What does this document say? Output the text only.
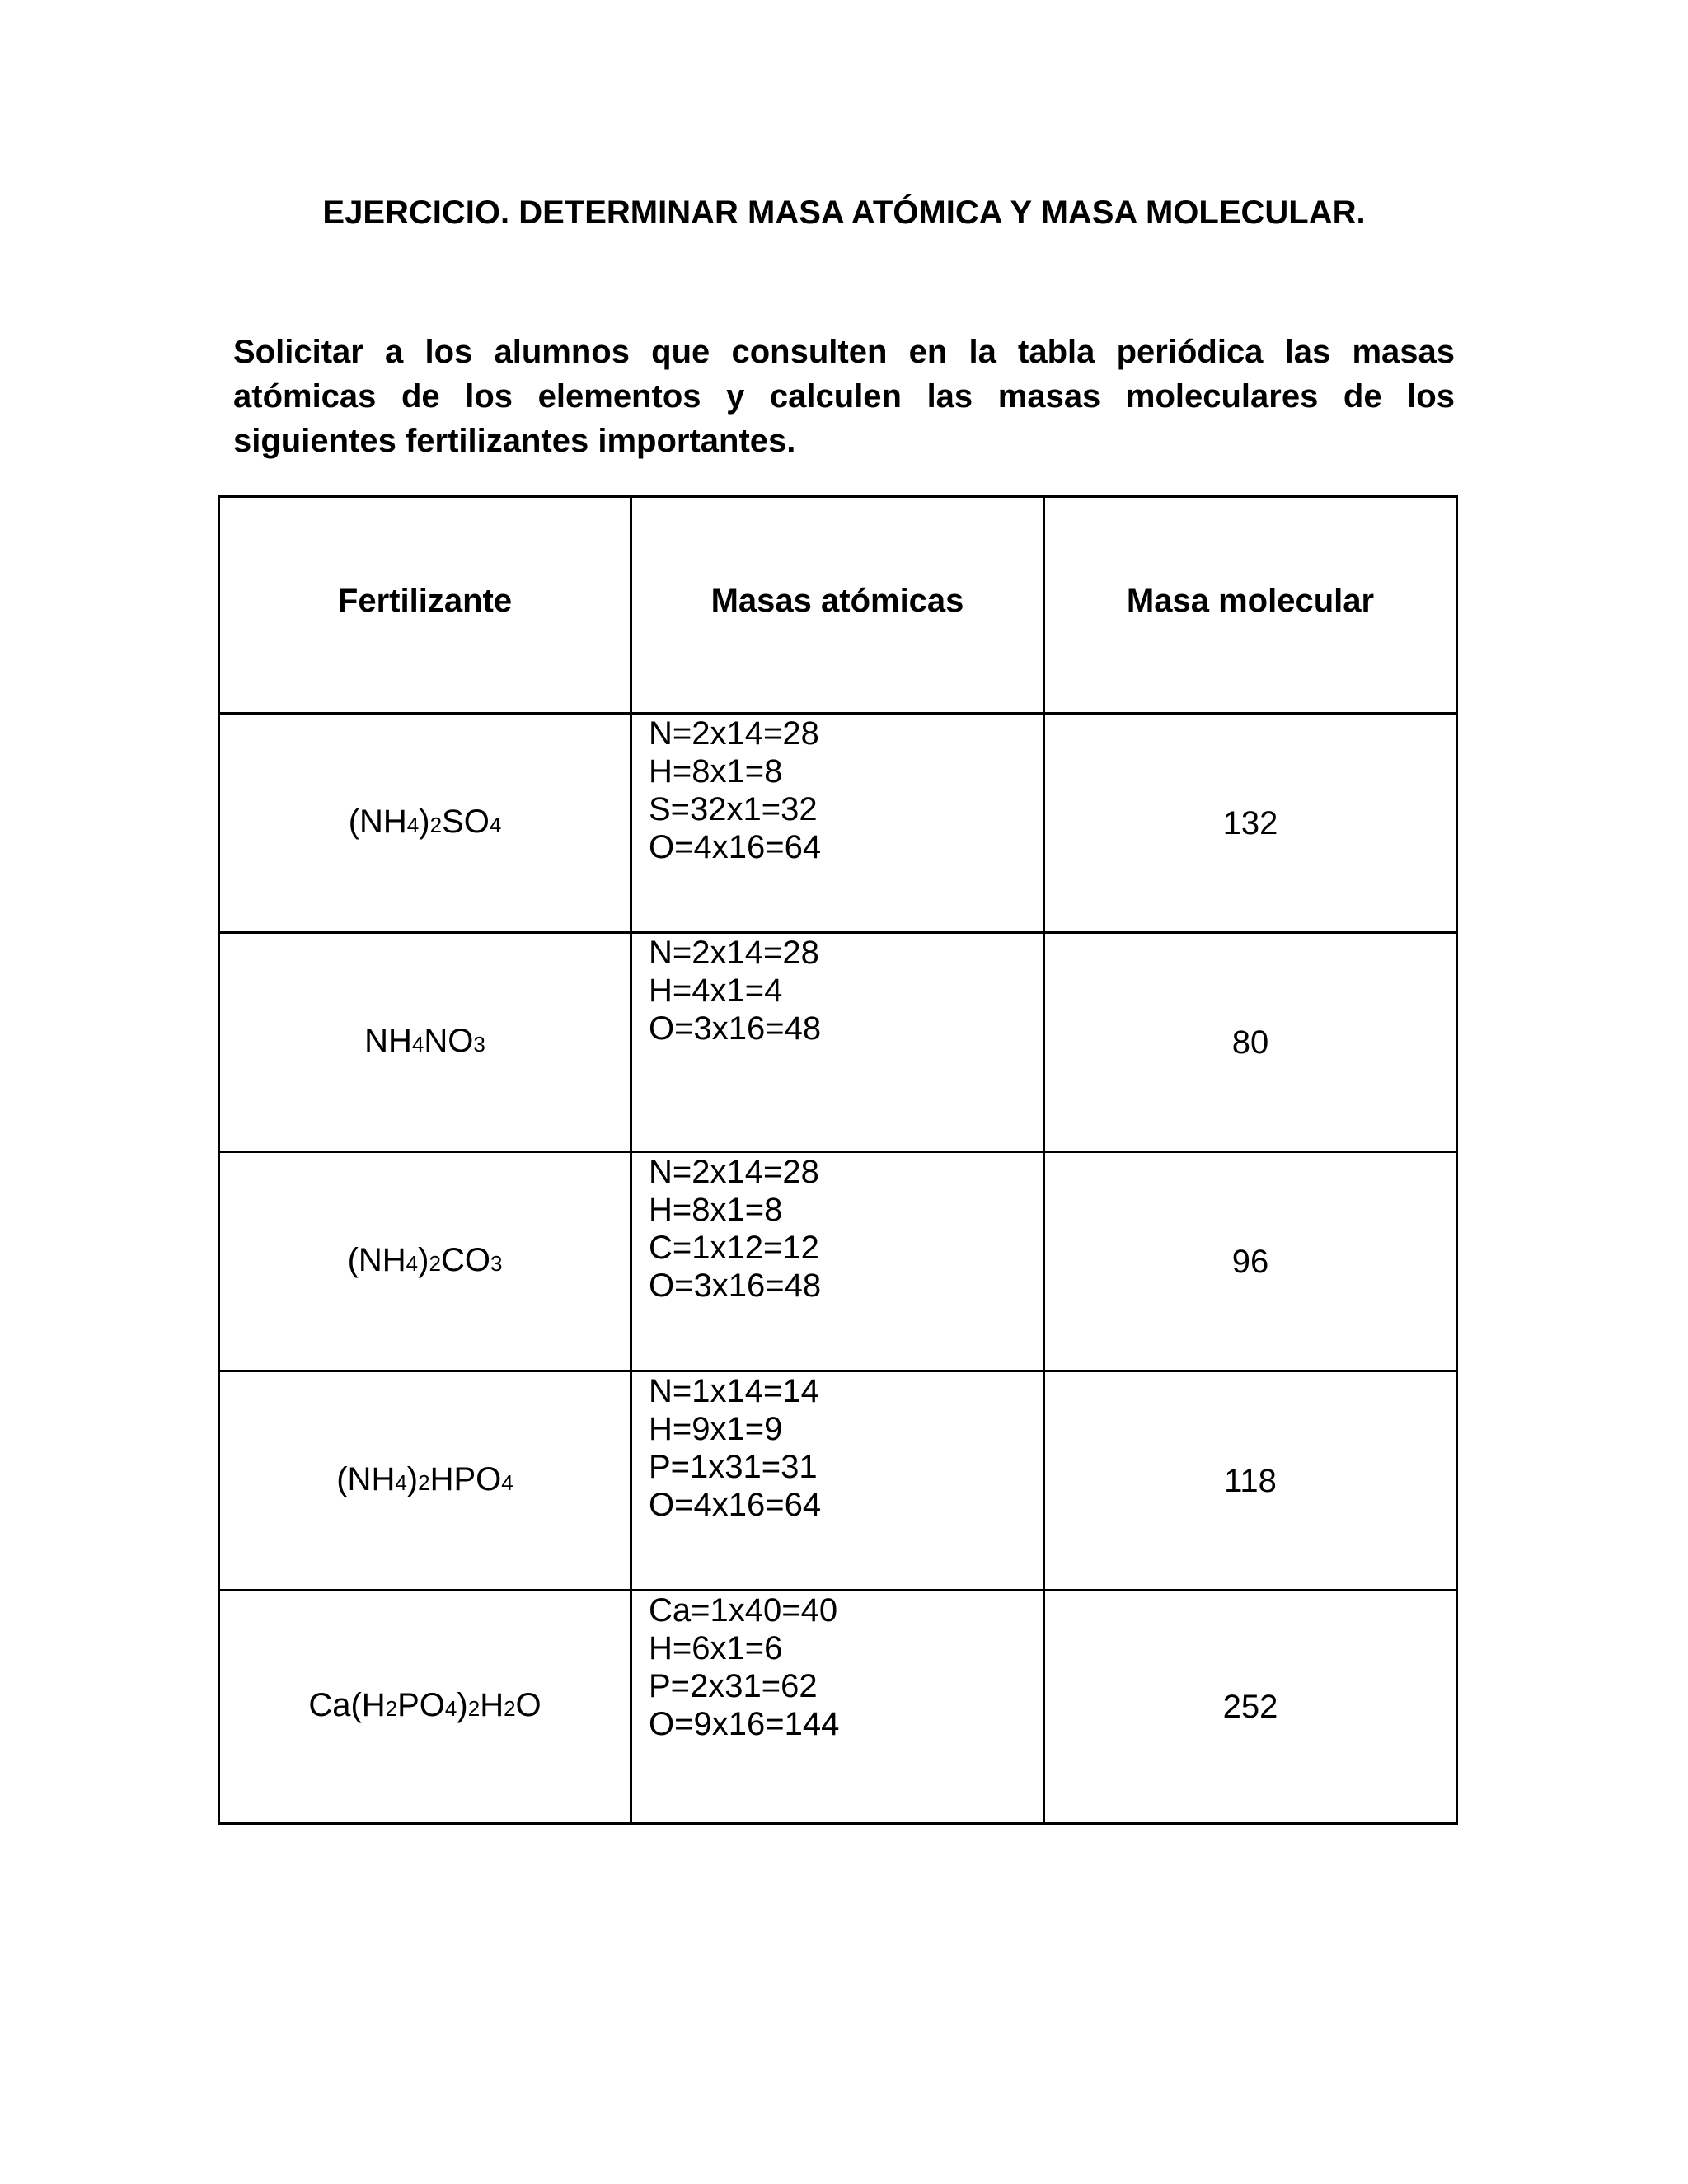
EJERCICIO. DETERMINAR MASA ATÓMICA Y MASA MOLECULAR.

Solicitar a los alumnos que consulten en la tabla periódica las masas atómicas de los elementos y calculen las masas moleculares de los siguientes fertilizantes importantes.

Fertilizante	Masas atómicas	Masa molecular
(NH4)2SO4	N=2x14=28
H=8x1=8
S=32x1=32
O=4x16=64	132
NH4NO3	N=2x14=28
H=4x1=4
O=3x16=48	80
(NH4)2CO3	N=2x14=28
H=8x1=8
C=1x12=12
O=3x16=48	96
(NH4)2HPO4	N=1x14=14
H=9x1=9
P=1x31=31
O=4x16=64	118
Ca(H2PO4)2H2O	Ca=1x40=40
H=6x1=6
P=2x31=62
O=9x16=144	252
